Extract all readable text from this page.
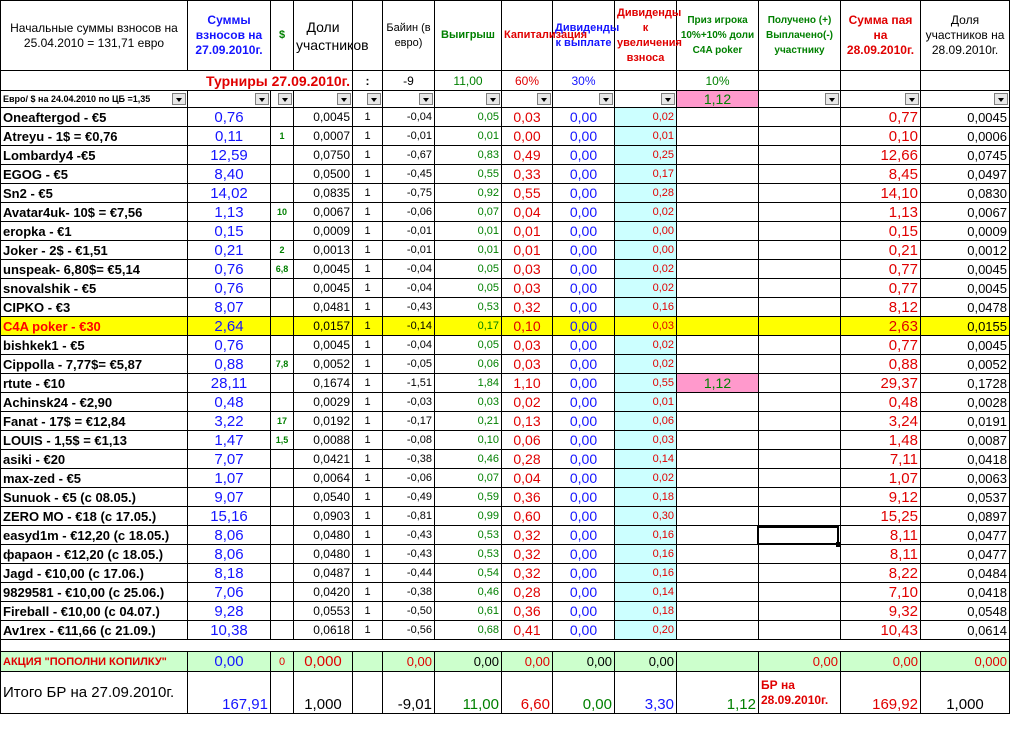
Начальные суммы взносов на 25.04.2010 = 131,71 евро	Суммы взносов на 27.09.2010г.	$	Доли участников		Байин (в евро)	Выигрыш	Капитализация	Дивиденды к выплате	Дивиденды к увеличения взноса	Приз игрока 10%+10% доли C4A poker	Получено (+) Выплачено(-) участнику	Сумма пая на 28.09.2010г.	Доля участников на 28.09.2010г.
Турниры 27.09.2010г.				:	-9	11,00	60%	30%		10%			
Евро/ $ на 24.04.2010 по ЦБ =1,35										1,12	

Oneaftergod - €5	0,76		0,0045	1	-0,04	0,05	0,03	0,00	0,02			0,77	0,0045
Atreyu - 1$ = €0,76	0,11	1	0,0007	1	-0,01	0,01	0,00	0,00	0,01			0,10	0,0006
Lombardy4 -€5	12,59		0,0750	1	-0,67	0,83	0,49	0,00	0,25			12,66	0,0745
EGOG - €5	8,40		0,0500	1	-0,45	0,55	0,33	0,00	0,17			8,45	0,0497
Sn2 - €5	14,02		0,0835	1	-0,75	0,92	0,55	0,00	0,28			14,10	0,0830
Avatar4uk- 10$ = €7,56	1,13	10	0,0067	1	-0,06	0,07	0,04	0,00	0,02			1,13	0,0067
eropka - €1	0,15		0,0009	1	-0,01	0,01	0,01	0,00	0,00			0,15	0,0009
Joker - 2$ - €1,51	0,21	2	0,0013	1	-0,01	0,01	0,01	0,00	0,00			0,21	0,0012
unspeak- 6,80$= €5,14	0,76	6,8	0,0045	1	-0,04	0,05	0,03	0,00	0,02			0,77	0,0045
snovalshik - €5	0,76		0,0045	1	-0,04	0,05	0,03	0,00	0,02			0,77	0,0045
CIPKO - €3	8,07		0,0481	1	-0,43	0,53	0,32	0,00	0,16			8,12	0,0478
C4A poker - €30	2,64		0,0157	1	-0,14	0,17	0,10	0,00	0,03			2,63	0,0155
bishkek1 - €5	0,76		0,0045	1	-0,04	0,05	0,03	0,00	0,02			0,77	0,0045
Cippolla - 7,77$= €5,87	0,88	7,8	0,0052	1	-0,05	0,06	0,03	0,00	0,02			0,88	0,0052
rtute - €10	28,11		0,1674	1	-1,51	1,84	1,10	0,00	0,55	1,12		29,37	0,1728
Achinsk24 - €2,90	0,48		0,0029	1	-0,03	0,03	0,02	0,00	0,01			0,48	0,0028
Fanat - 17$ = €12,84	3,22	17	0,0192	1	-0,17	0,21	0,13	0,00	0,06			3,24	0,0191
LOUIS - 1,5$ = €1,13	1,47	1,5	0,0088	1	-0,08	0,10	0,06	0,00	0,03			1,48	0,0087
asiki - €20	7,07		0,0421	1	-0,38	0,46	0,28	0,00	0,14			7,11	0,0418
max-zed - €5	1,07		0,0064	1	-0,06	0,07	0,04	0,00	0,02			1,07	0,0063
Sunuok - €5 (с 08.05.)	9,07		0,0540	1	-0,49	0,59	0,36	0,00	0,18			9,12	0,0537
ZERO MO - €18 (с 17.05.)	15,16		0,0903	1	-0,81	0,99	0,60	0,00	0,30			15,25	0,0897
easyd1m - €12,20 (с 18.05.)	8,06		0,0480	1	-0,43	0,53	0,32	0,00	0,16			8,11	0,0477
фараон - €12,20 (с 18.05.)	8,06		0,0480	1	-0,43	0,53	0,32	0,00	0,16			8,11	0,0477
Jagd - €10,00 (с 17.06.)	8,18		0,0487	1	-0,44	0,54	0,32	0,00	0,16			8,22	0,0484
9829581 - €10,00 (с 25.06.)	7,06		0,0420	1	-0,38	0,46	0,28	0,00	0,14			7,10	0,0418
Fireball - €10,00 (с 04.07.)	9,28		0,0553	1	-0,50	0,61	0,36	0,00	0,18			9,32	0,0548
Av1rex - €11,66 (с 21.09.)	10,38		0,0618	1	-0,56	0,68	0,41	0,00	0,20			10,43	0,0614

АКЦИЯ "ПОПОЛНИ КОПИЛКУ"	0,00	0	0,000		0,00	0,00	0,00	0,00	0,00		0,00	0,00	0,000
Итого БР на 27.09.2010г.	167,91		1,000		-9,01	11,00	6,60	0,00	3,30	1,12	БР на 28.09.2010г.	169,92	1,000
